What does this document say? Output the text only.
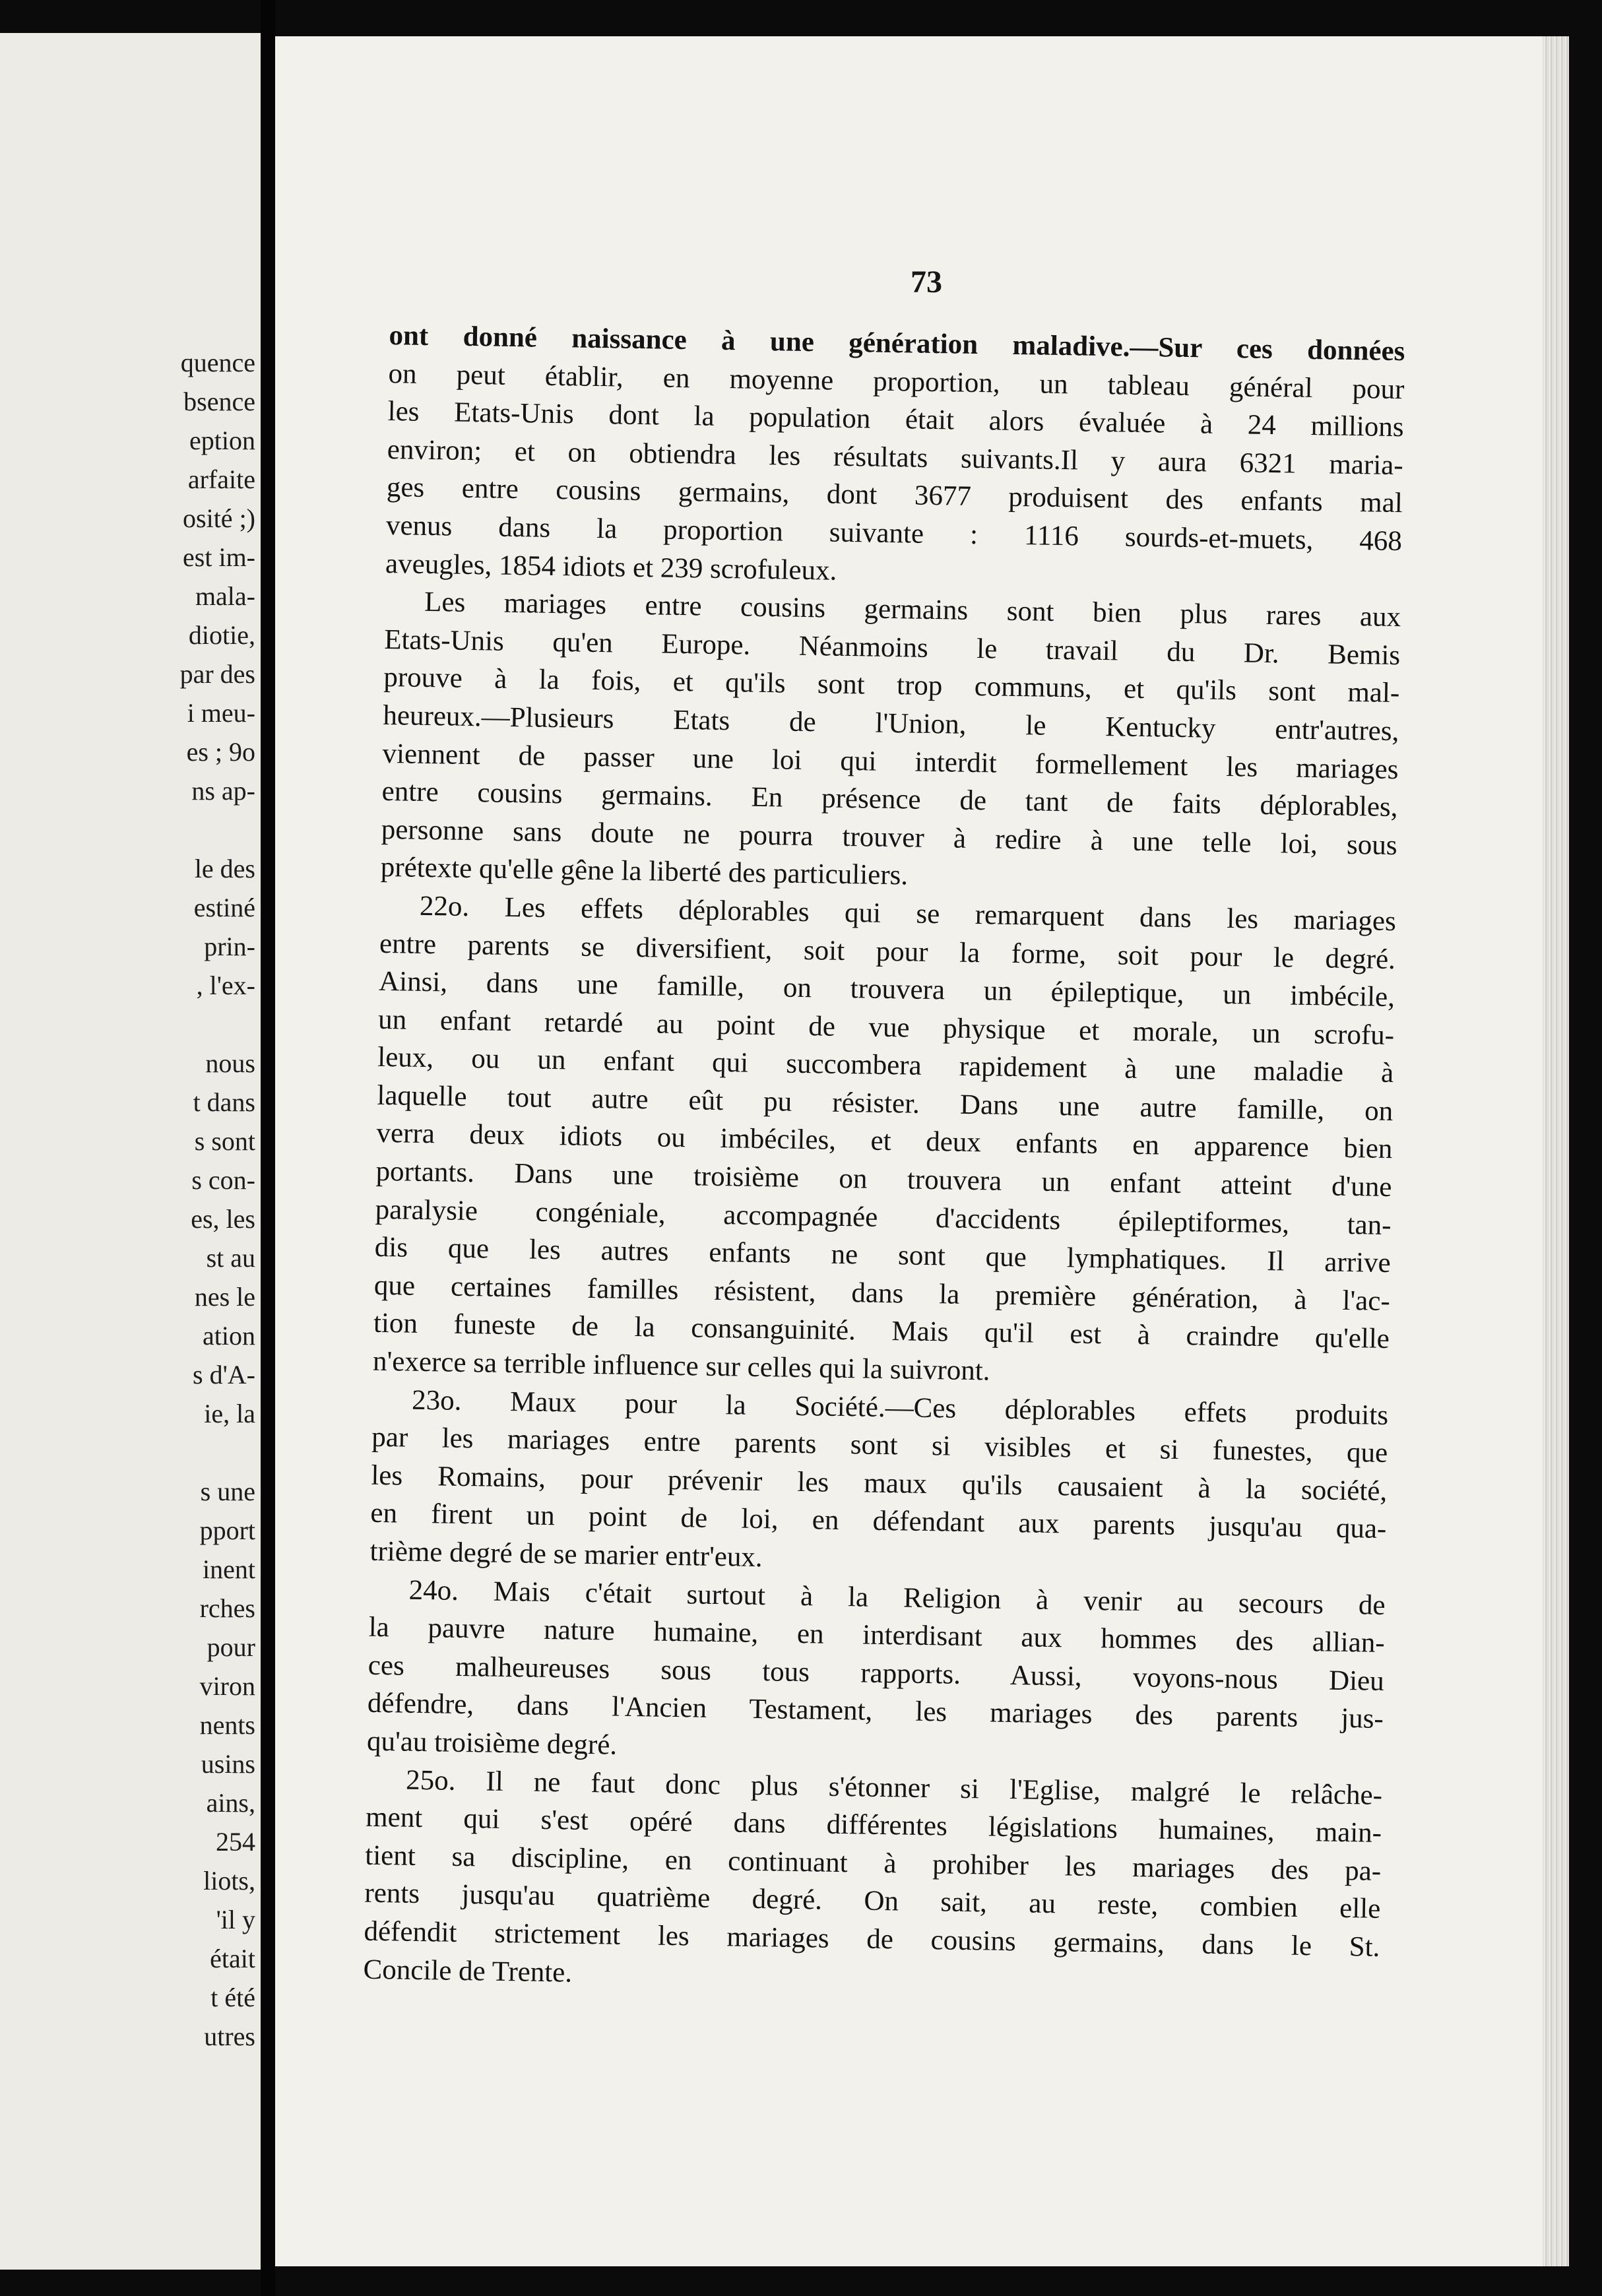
quence
bsence
eption
arfaite
osité ;)
est im-
mala-
diotie,
par des
i meu-
es ; 9o
ns ap-
le des
estiné
prin-
, l'ex-
nous
t dans
s sont
s con-
es, les
st au
nes le
ation
s d'A-
ie, la
s une
pport
inent
rches
pour
viron
nents
usins
ains,
254
liots,
'il y
était
t été
utres
73
ont donné naissance à une génération maladive.—Sur ces données
on peut établir, en moyenne proportion, un tableau général pour
les Etats-Unis dont la population était alors évaluée à 24 millions
environ; et on obtiendra les résultats suivants.Il y aura 6321 maria-
ges entre cousins germains, dont 3677 produisent des enfants mal
venus dans la proportion suivante : 1116 sourds-et-muets, 468
aveugles, 1854 idiots et 239 scrofuleux.
Les mariages entre cousins germains sont bien plus rares aux
Etats-Unis qu'en Europe. Néanmoins le travail du Dr. Bemis
prouve à la fois, et qu'ils sont trop communs, et qu'ils sont mal-
heureux.—Plusieurs Etats de l'Union, le Kentucky entr'autres,
viennent de passer une loi qui interdit formellement les mariages
entre cousins germains. En présence de tant de faits déplorables,
personne sans doute ne pourra trouver à redire à une telle loi, sous
prétexte qu'elle gêne la liberté des particuliers.
22o. Les effets déplorables qui se remarquent dans les mariages
entre parents se diversifient, soit pour la forme, soit pour le degré.
Ainsi, dans une famille, on trouvera un épileptique, un imbécile,
un enfant retardé au point de vue physique et morale, un scrofu-
leux, ou un enfant qui succombera rapidement à une maladie à
laquelle tout autre eût pu résister. Dans une autre famille, on
verra deux idiots ou imbéciles, et deux enfants en apparence bien
portants. Dans une troisième on trouvera un enfant atteint d'une
paralysie congéniale, accompagnée d'accidents épileptiformes, tan-
dis que les autres enfants ne sont que lymphatiques. Il arrive
que certaines familles résistent, dans la première génération, à l'ac-
tion funeste de la consanguinité. Mais qu'il est à craindre qu'elle
n'exerce sa terrible influence sur celles qui la suivront.
23o. Maux pour la Société.—Ces déplorables effets produits
par les mariages entre parents sont si visibles et si funestes, que
les Romains, pour prévenir les maux qu'ils causaient à la société,
en firent un point de loi, en défendant aux parents jusqu'au qua-
trième degré de se marier entr'eux.
24o. Mais c'était surtout à la Religion à venir au secours de
la pauvre nature humaine, en interdisant aux hommes des allian-
ces malheureuses sous tous rapports. Aussi, voyons-nous Dieu
défendre, dans l'Ancien Testament, les mariages des parents jus-
qu'au troisième degré.
25o. Il ne faut donc plus s'étonner si l'Eglise, malgré le relâche-
ment qui s'est opéré dans différentes législations humaines, main-
tient sa discipline, en continuant à prohiber les mariages des pa-
rents jusqu'au quatrième degré. On sait, au reste, combien elle
défendit strictement les mariages de cousins germains, dans le St.
Concile de Trente.
